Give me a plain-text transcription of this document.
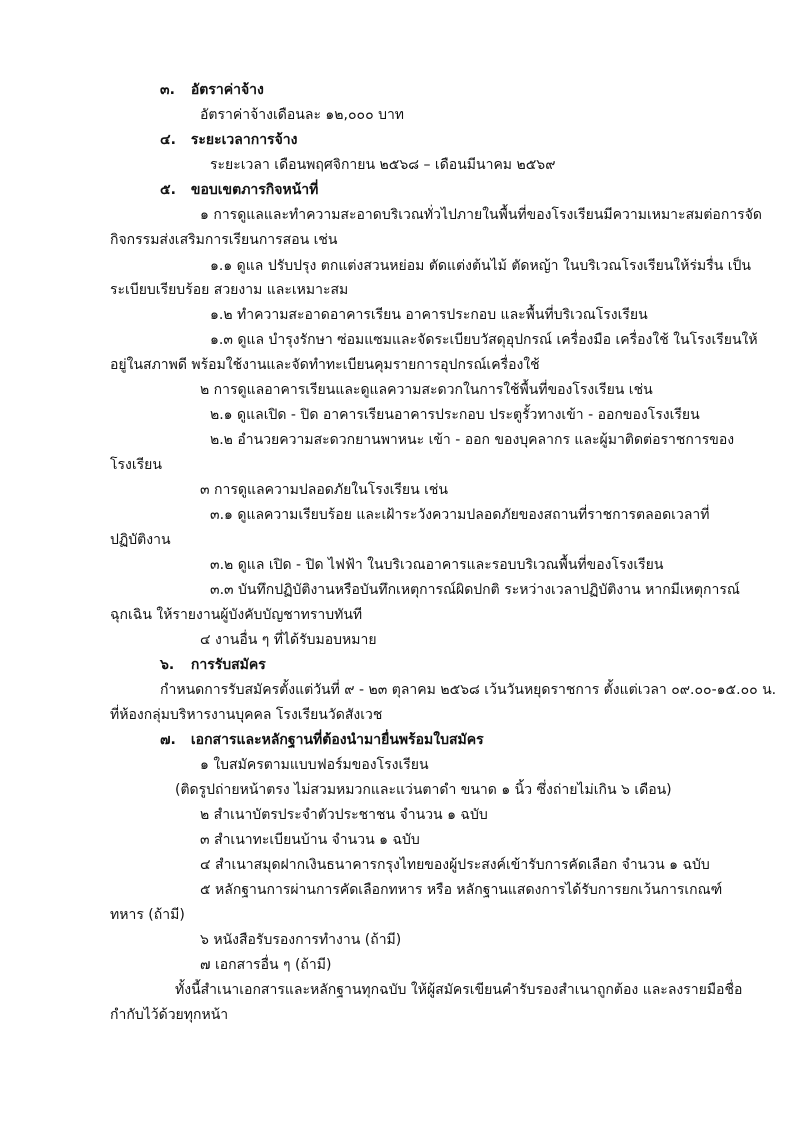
๓. อัตราค่าจ้าง

อัตราค่าจ้างเดือนละ ๑๒,๐๐๐ บาท

๔. ระยะเวลาการจ้าง

ระยะเวลา เดือนพฤศจิกายน ๒๕๖๘ – เดือนมีนาคม ๒๕๖๙

๕. ขอบเขตภารกิจหน้าที่

๑ การดูแลและทำความสะอาดบริเวณทั่วไปภายในพื้นที่ของโรงเรียนมีความเหมาะสมต่อการจัด

กิจกรรมส่งเสริมการเรียนการสอน เช่น

๑.๑ ดูแล ปรับปรุง ตกแต่งสวนหย่อม ตัดแต่งต้นไม้ ตัดหญ้า ในบริเวณโรงเรียนให้ร่มรื่น เป็น

ระเบียบเรียบร้อย สวยงาม และเหมาะสม

๑.๒ ทำความสะอาดอาคารเรียน อาคารประกอบ และพื้นที่บริเวณโรงเรียน

๑.๓ ดูแล บำรุงรักษา ซ่อมแซมและจัดระเบียบวัสดุอุปกรณ์ เครื่องมือ เครื่องใช้ ในโรงเรียนให้

อยู่ในสภาพดี พร้อมใช้งานและจัดทำทะเบียนคุมรายการอุปกรณ์เครื่องใช้

๒ การดูแลอาคารเรียนและดูแลความสะดวกในการใช้พื้นที่ของโรงเรียน เช่น

๒.๑ ดูแลเปิด - ปิด อาคารเรียนอาคารประกอบ ประตูรั้วทางเข้า - ออกของโรงเรียน

๒.๒ อำนวยความสะดวกยานพาหนะ เข้า - ออก ของบุคลากร และผู้มาติดต่อราชการของ

โรงเรียน

๓ การดูแลความปลอดภัยในโรงเรียน เช่น

๓.๑ ดูแลความเรียบร้อย และเฝ้าระวังความปลอดภัยของสถานที่ราชการตลอดเวลาที่

ปฏิบัติงาน

๓.๒ ดูแล เปิด - ปิด ไฟฟ้า ในบริเวณอาคารและรอบบริเวณพื้นที่ของโรงเรียน

๓.๓ บันทึกปฏิบัติงานหรือบันทึกเหตุการณ์ผิดปกติ ระหว่างเวลาปฏิบัติงาน หากมีเหตุการณ์

ฉุกเฉิน ให้รายงานผู้บังคับบัญชาทราบทันที

๔ งานอื่น ๆ ที่ได้รับมอบหมาย

๖. การรับสมัคร

กำหนดการรับสมัครตั้งแต่วันที่ ๙ - ๒๓ ตุลาคม ๒๕๖๘ เว้นวันหยุดราชการ ตั้งแต่เวลา ๐๙.๐๐-๑๕.๐๐ น.

ที่ห้องกลุ่มบริหารงานบุคคล โรงเรียนวัดสังเวช

๗. เอกสารและหลักฐานที่ต้องนำมายื่นพร้อมใบสมัคร

๑ ใบสมัครตามแบบฟอร์มของโรงเรียน

(ติดรูปถ่ายหน้าตรง ไม่สวมหมวกและแว่นตาดำ ขนาด ๑ นิ้ว ซึ่งถ่ายไม่เกิน ๖ เดือน)

๒ สำเนาบัตรประจำตัวประชาชน จำนวน ๑ ฉบับ

๓ สำเนาทะเบียนบ้าน จำนวน ๑ ฉบับ

๔ สำเนาสมุดฝากเงินธนาคารกรุงไทยของผู้ประสงค์เข้ารับการคัดเลือก จำนวน ๑ ฉบับ

๕ หลักฐานการผ่านการคัดเลือกทหาร หรือ หลักฐานแสดงการได้รับการยกเว้นการเกณฑ์

ทหาร (ถ้ามี)

๖ หนังสือรับรองการทำงาน (ถ้ามี)

๗ เอกสารอื่น ๆ (ถ้ามี)

ทั้งนี้สำเนาเอกสารและหลักฐานทุกฉบับ ให้ผู้สมัครเขียนคำรับรองสำเนาถูกต้อง และลงรายมือชื่อ

กำกับไว้ด้วยทุกหน้า
